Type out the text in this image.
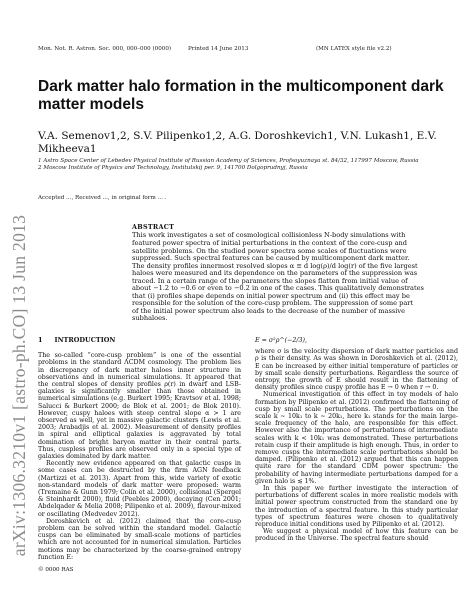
arXiv:1306.3210v1 [astro-ph.CO] 13 Jun 2013
Mon. Not. R. Astron. Soc. 000, 000–000 (0000)	Printed 14 June 2013	(MN LATEX style file v2.2)
Dark matter halo formation in the multicomponent dark matter models
V.A. Semenov1,2, S.V. Pilipenko1,2, A.G. Doroshkevich1, V.N. Lukash1, E.V. Mikheeva1
1 Astro Space Center of Lebedev Physical Institute of Russian Academy of Sciences, Profsoyuznaya st. 84/32, 117997 Moscow, Russia
2 Moscow Institute of Physics and Technology, Institutskij per. 9, 141700 Dolgoprudnyj, Russia
Accepted ..., Received ..., in original form ... .
ABSTRACT
This work investigates a set of cosmological collisionless N-body simulations with
featured power spectra of initial perturbations in the context of the core-cusp and
satellite problems. On the studied power spectra some scales of fluctuations were
suppressed. Such spectral features can be caused by multicomponent dark matter.
The density profiles innermost resolved slopes α ≡ d log(ρ)/d log(r) of the five largest
haloes were measured and its dependence on the parameters of the suppression was
traced. In a certain range of the parameters the slopes flatten from initial value of
about −1.2 to −0.6 or even to −0.2 in one of the cases. This qualitatively demonstrates
that (i) profiles shape depends on initial power spectrum and (ii) this effect may be
responsible for the solution of the core-cusp problem. The suppression of some part
of the initial power spectrum also leads to the decrease of the number of massive
subhaloes.
1 INTRODUCTION

The so-called “core-cusp problem” is one of the essential problems in the standard ΛCDM cosmology. The problem lies in discrepancy of dark matter haloes inner structure in observations and in numerical simulations. It appeared that the central slopes of density profiles ρ(r) in dwarf and LSB-galaxies is significantly smaller than those obtained in numerical simulations (e.g. Burkert 1995; Kravtsov et al. 1998; Salucci & Burkert 2000; de Blok et al. 2001; de Blok 2010). However, cuspy haloes with steep central slope α > 1 are observed as well, yet in massive galactic clusters (Lewis et al. 2003; Arabadjis et al. 2002). Measurement of density profiles in spiral and elliptical galaxies is aggravated by total domination of bright baryon matter in their central parts. Thus, cuspless profiles are observed only in a special type of galaxies dominated by dark matter.

Recently new evidence appeared on that galactic cusps in some cases can be destructed by the firm AGN feedback (Martizzi et al. 2013). Apart from this, wide variety of exotic non-standard models of dark matter were proposed: warm (Tremaine & Gunn 1979; Colín et al. 2000), collisional (Spergel & Steinhardt 2000), fluid (Peebles 2000), decaying (Cen 2001; Abdelqader & Melia 2008; Pilipenko et al. 2009), flavour-mixed or oscillating (Medvedev 2012).

Doroshkevich et al. (2012) claimed that the core-cusp problem can be solved within the standard model. Galactic cusps can be eliminated by small-scale motions of particles which are not accounted for in numerical simulation. Particles motions may be characterized by the coarse-grained entropy function E:

© 0000 RAS
E = σ²ρ^(−2/3),

where σ is the velocity dispersion of dark matter particles and ρ is their density. As was shown in Doroshkevich et al. (2012), E can be increased by either initial temperature of particles or by small scale density perturbations. Regardless the source of entropy, the growth of E should result in the flattening of density profiles since cuspy profile has E → 0 when r → 0.

Numerical investigation of this effect in toy models of halo formation by Pilipenko et al. (2012) confirmed the flattening of cusp by small scale perturbations. The perturbations on the scale k ∼ 10k₁ to k ∼ 20k₁, here k₁ stands for the main large-scale frequency of the halo, are responsible for this effect. However also the importance of perturbations of intermediate scales with k < 10k₁ was demonstrated. These perturbations retain cusp if their amplitude is high enough. Thus, in order to remove cusps the intermediate scale perturbations should be damped. (Pilipenko et al. (2012) argued that this can happen quite rare for the standard CDM power spectrum: the probability of having intermediate perturbations damped for a given halo is ≲ 1%.

In this paper we further investigate the interaction of perturbations of different scales in more realistic models with initial power spectrum constructed from the standard one by the introduction of a spectral feature. In this study particular types of spectrum features were chosen to qualitatively reproduce initial conditions used by Pilipenko et al. (2012).

We suggest a physical model of how this feature can be produced in the Universe. The spectral feature should
